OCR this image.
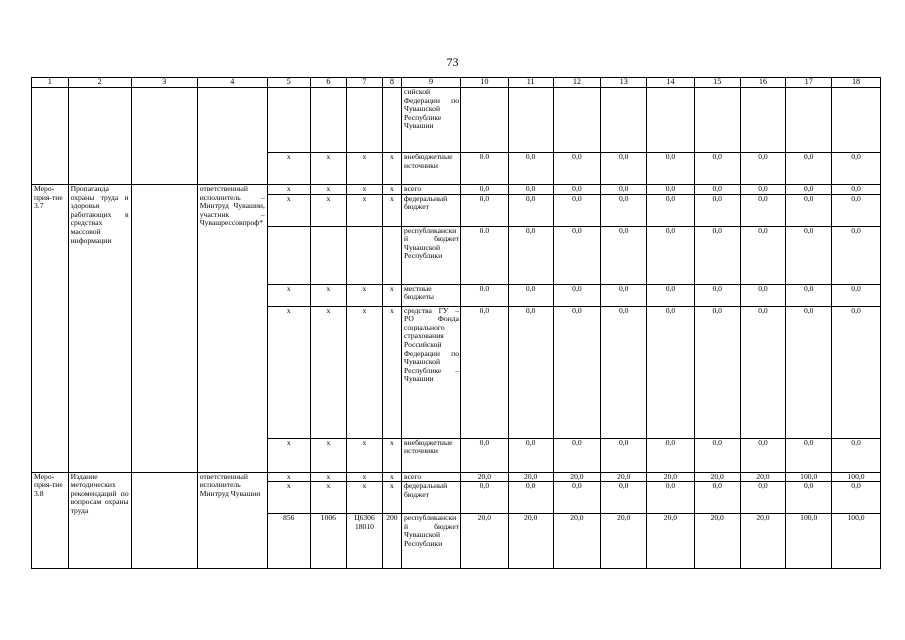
73
1	2	3	4	5	6	7	8	9	10	11	12	13	14	15	16	17	18
								сийской Федерации по Чувашской Республике Чувашии									
				x	x	x	x	внебюджетные источники	0.0	0,0	0,0	0,0	0,0	0,0	0,0	0,0	0,0
Меро-прия-тие 3.7	Пропаганда охраны труда и здоровья работающих в средствах массовой информации		ответственный исполнитель – Минтруд Чувашии, участник – Чувашрессовпроф*	x	x	x	x	всего	0,0	0,0	0,0	0,0	0,0	0,0	0,0	0,0	0,0
				x	x	x	x	федеральный бюджет	0,0	0,0	0,0	0,0	0,0	0,0	0,0	0,0	0,0
								республиканский бюджет Чувашской Республики	0.0	0,0	0,0	0,0	0,0	0,0	0,0	0,0	0,0
				x	x	x	x	местные бюджеты	0.0	0,0	0,0	0,0	0,0	0,0	0,0	0,0	0,0
				x	x	x	x	средства ГУ – РО Фонда социального страхования Российской Федерации по Чувашской Республике – Чувашии	0,0	0,0	0,0	0,0	0,0	0,0	0,0	0,0	0,0
				x	x	x	x	внебюджетные источники	0,0	0,0	0,0	0,0	0,0	0,0	0,0	0,0	0,0
Меро-прия-тие 3.8	Издание методических рекомендаций по вопросам охраны труда		ответственный исполнитель Минтруд Чувашии	x	x	x	x	всего	20,0	20,0	20,0	20,0	20,0	20,0	20,0	100,0	100,0
				x	x	x	x	федеральный бюджет	0,0	0,0	0,0	0,0	0,0	0,0	0,0	0,0	0,0
				856	1006	Ц6306 18010	200	республиканский бюджет Чувашской Республики	20,0	20,0	20,0	20,0	20,0	20,0	20,0	100,0	100,0
